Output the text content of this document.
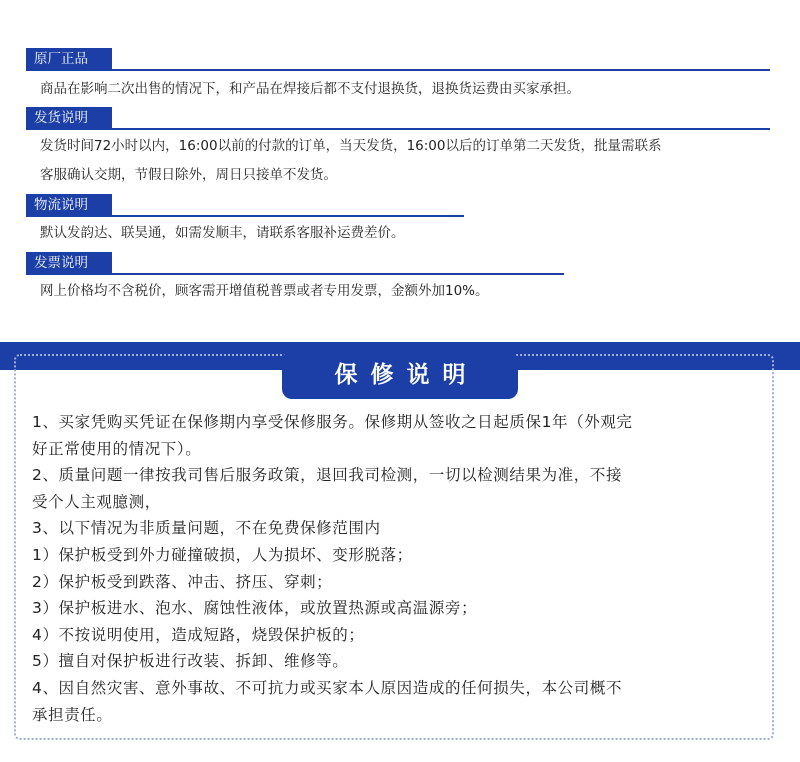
原厂正品

商品在影响二次出售的情况下，和产品在焊接后都不支付退换货，退换货运费由买家承担。

发货说明

发货时间72小时以内，16:00以前的付款的订单，当天发货，16:00以后的订单第二天发货，批量需联系

客服确认交期，节假日除外，周日只接单不发货。

物流说明

默认发韵达、联昊通，如需发顺丰，请联系客服补运费差价。

发票说明

网上价格均不含税价，顾客需开增值税普票或者专用发票，金额外加10%。

保修说明

1、买家凭购买凭证在保修期内享受保修服务。保修期从签收之日起质保1年（外观完

好正常使用的情况下）。

2、质量问题一律按我司售后服务政策，退回我司检测，一切以检测结果为准，不接

受个人主观臆测，

3、以下情况为非质量问题，不在免费保修范围内

1）保护板受到外力碰撞破损，人为损坏、变形脱落；

2）保护板受到跌落、冲击、挤压、穿刺；

3）保护板进水、泡水、腐蚀性液体，或放置热源或高温源旁；

4）不按说明使用，造成短路，烧毁保护板的；

5）擅自对保护板进行改装、拆卸、维修等。

4、因自然灾害、意外事故、不可抗力或买家本人原因造成的任何损失，本公司概不

承担责任。
